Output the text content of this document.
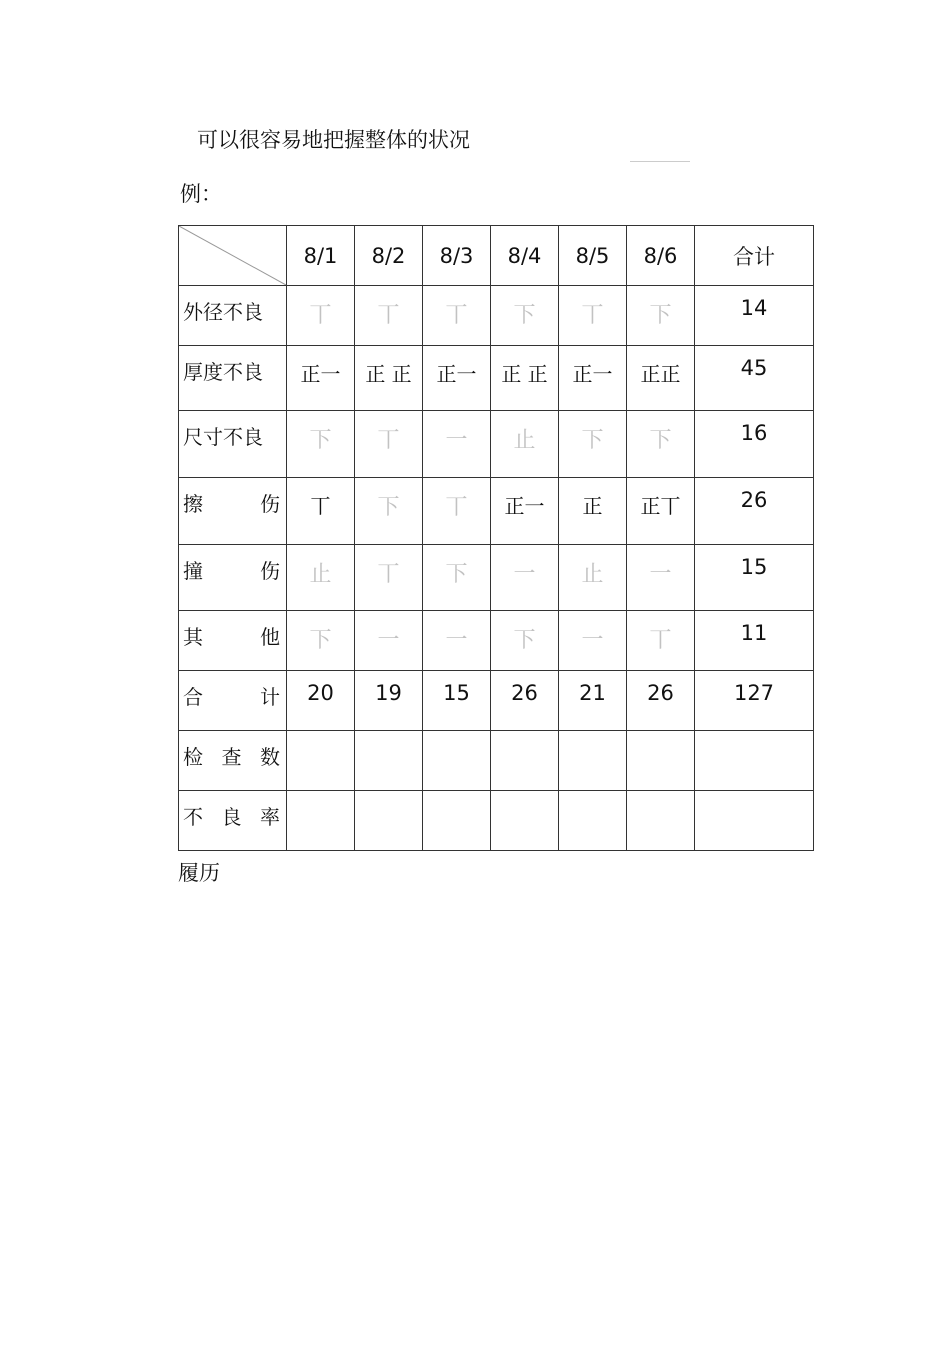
可以很容易地把握整体的状况
例：
	8/1	8/2	8/3	8/4	8/5	8/6	合计

外径不良	丅	丅	丅	下	丅	下	14

厚度不良	正一	正 正	正一	正 正	正一	正正	45

尺寸不良	下	丅	一	止	下	下	16

擦 伤	丅	下	丅	正一	正	正丅	26

撞 伤	止	丅	下	一	止	一	15

其 他	下	一	一	下	一	丅	11

合 计	20	19	15	26	21	26	127

检 查 数							

不 良 率							

履历
